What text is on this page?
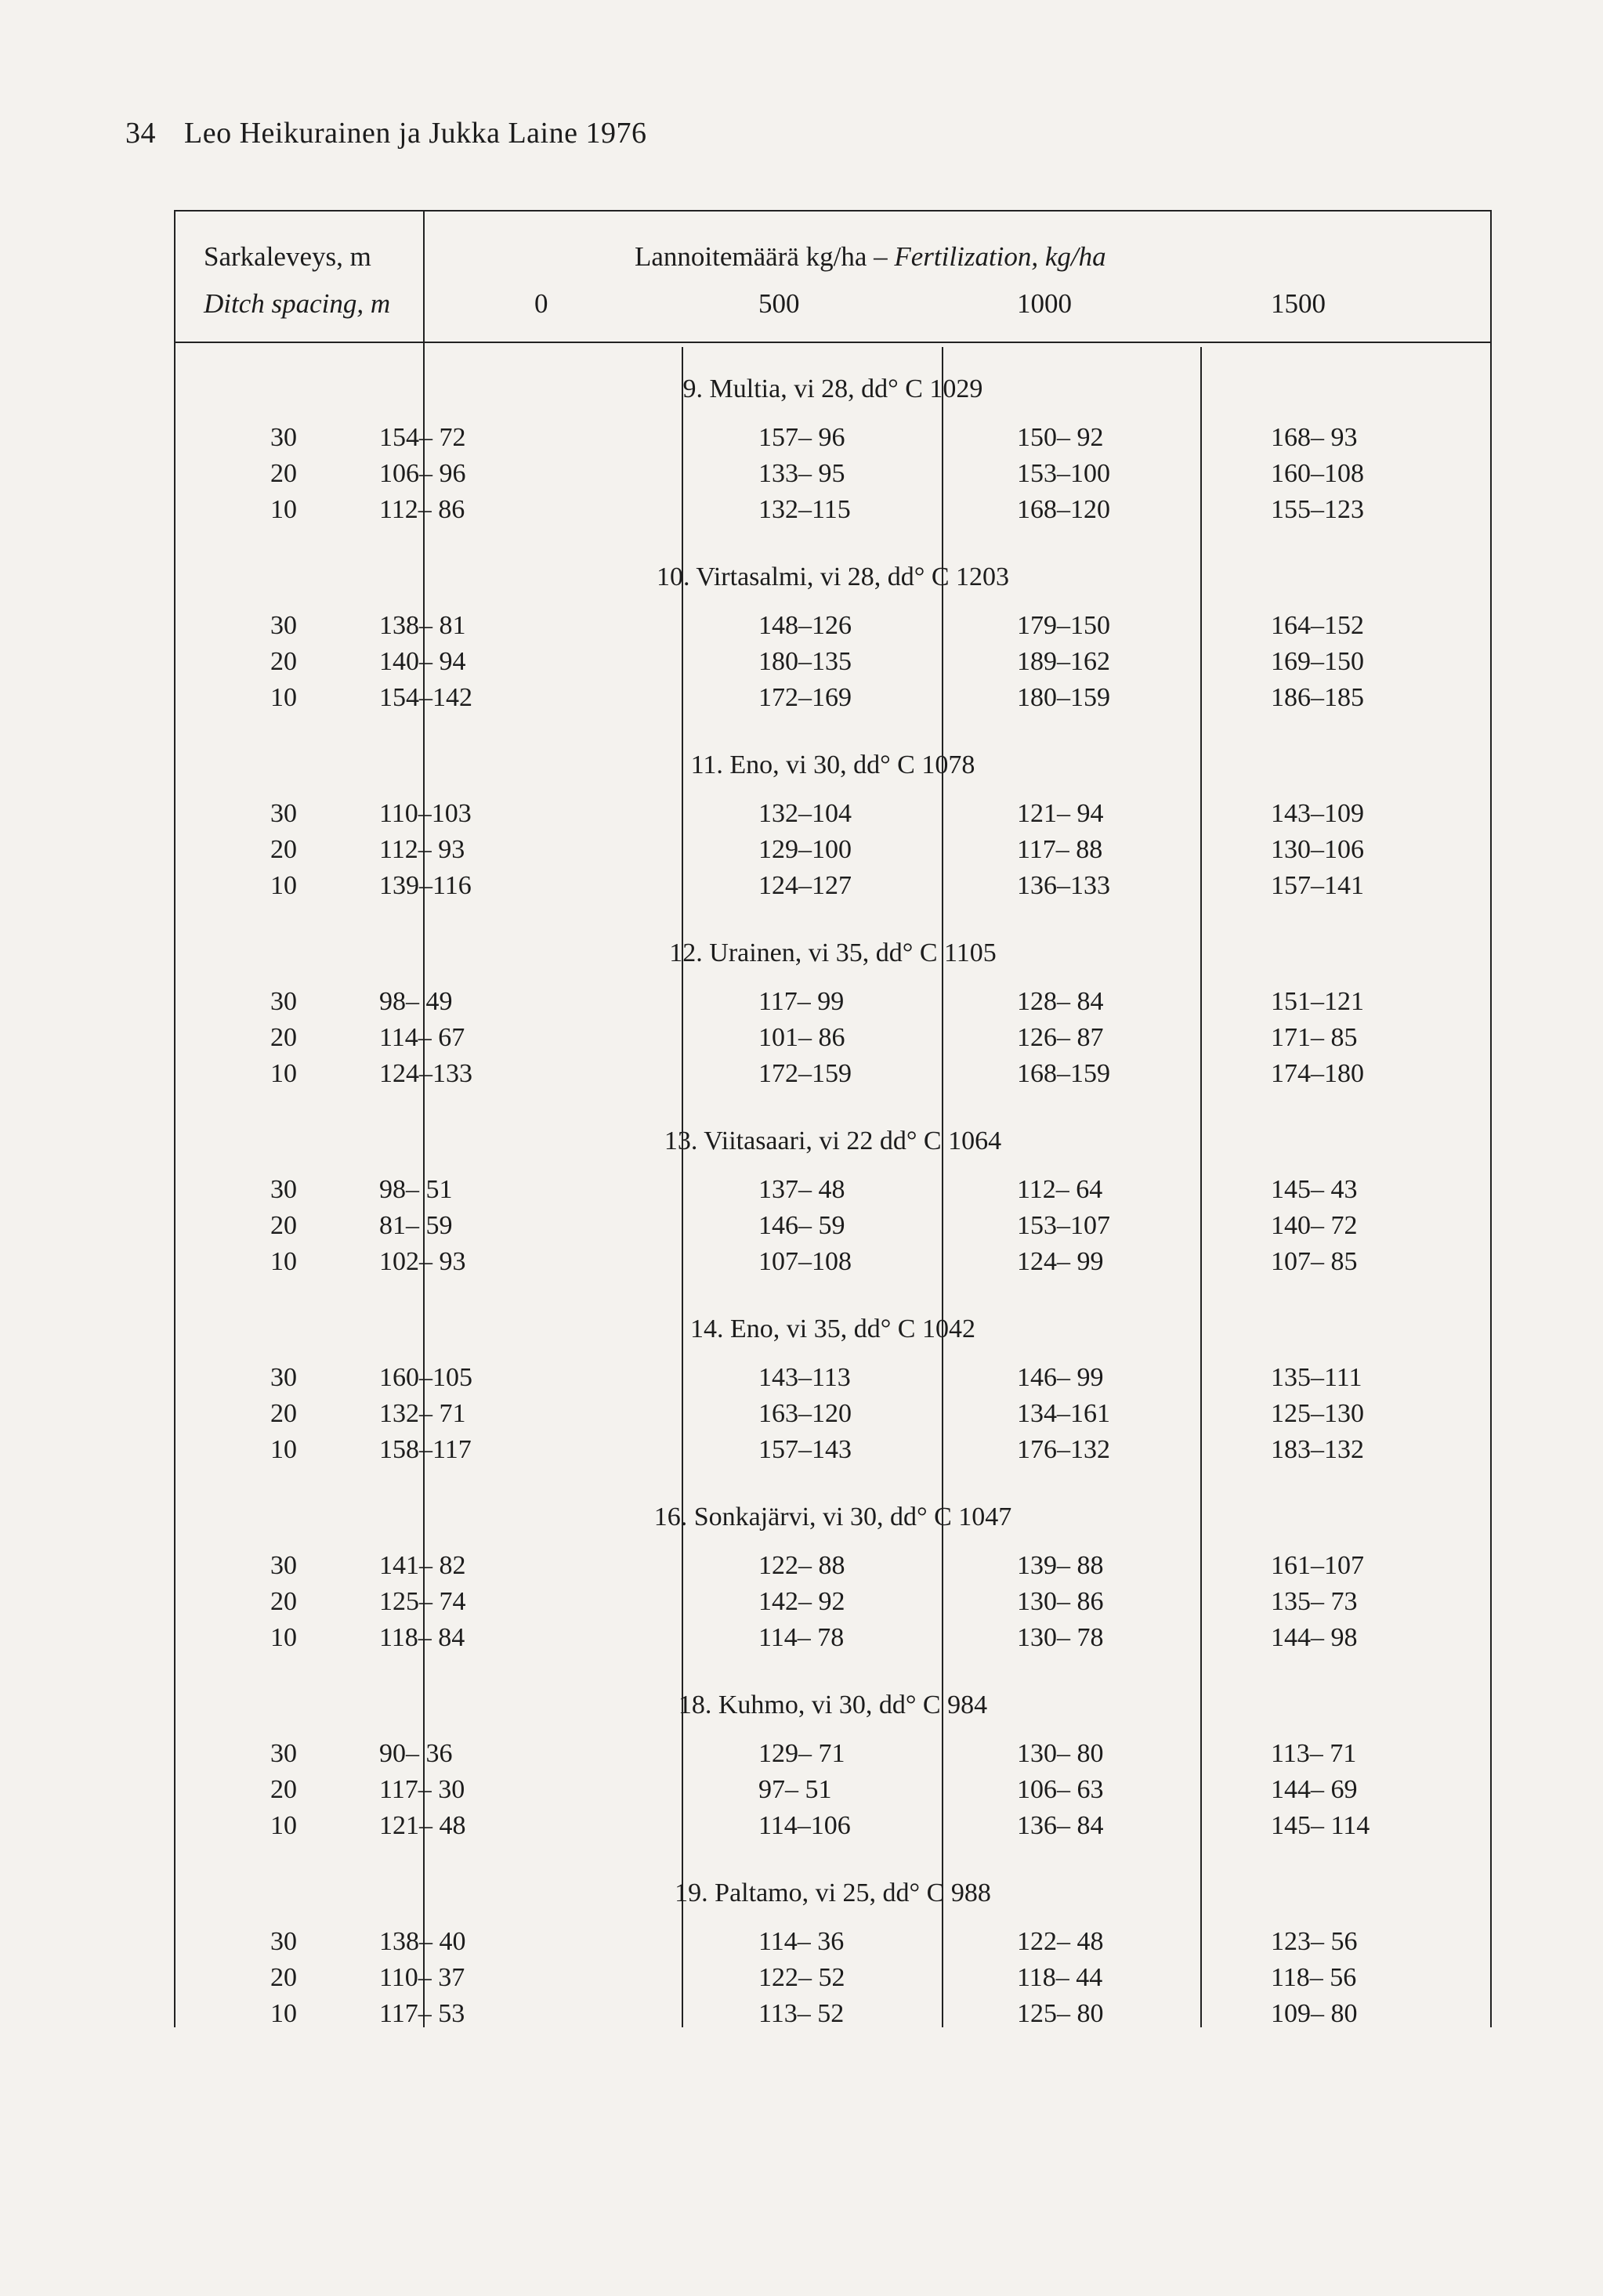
34 Leo Heikurainen ja Jukka Laine 1976
Sarkaleveys, m
Ditch spacing, m
Lannoitemäärä kg/ha – Fertilization, kg/ha
0	500	1000	1500
9. Multia, vi 28, dd° C 1029
30	154– 72	157– 96	150– 92	168– 93
20	106– 96	133– 95	153–100	160–108
10	112– 86	132–115	168–120	155–123
10. Virtasalmi, vi 28, dd° C 1203
30	138– 81	148–126	179–150	164–152
20	140– 94	180–135	189–162	169–150
10	154–142	172–169	180–159	186–185
11. Eno, vi 30, dd° C 1078
30	110–103	132–104	121– 94	143–109
20	112– 93	129–100	117– 88	130–106
10	139–116	124–127	136–133	157–141
12. Urainen, vi 35, dd° C 1105
30	98– 49	117– 99	128– 84	151–121
20	114– 67	101– 86	126– 87	171– 85
10	124–133	172–159	168–159	174–180
13. Viitasaari, vi 22 dd° C 1064
30	98– 51	137– 48	112– 64	145– 43
20	81– 59	146– 59	153–107	140– 72
10	102– 93	107–108	124– 99	107– 85
14. Eno, vi 35, dd° C 1042
30	160–105	143–113	146– 99	135–111
20	132– 71	163–120	134–161	125–130
10	158–117	157–143	176–132	183–132
16. Sonkajärvi, vi 30, dd° C 1047
30	141– 82	122– 88	139– 88	161–107
20	125– 74	142– 92	130– 86	135– 73
10	118– 84	114– 78	130– 78	144– 98
18. Kuhmo, vi 30, dd° C 984
30	90– 36	129– 71	130– 80	113– 71
20	117– 30	97– 51	106– 63	144– 69
10	121– 48	114–106	136– 84	145– 114
19. Paltamo, vi 25, dd° C 988
30	138– 40	114– 36	122– 48	123– 56
20	110– 37	122– 52	118– 44	118– 56
10	117– 53	113– 52	125– 80	109– 80
